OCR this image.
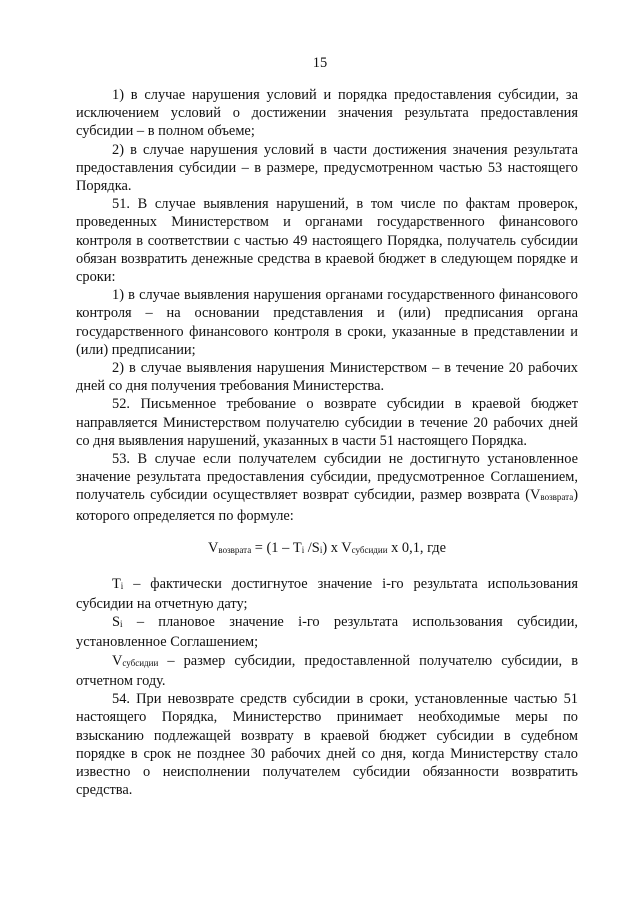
15

1) в случае нарушения условий и порядка предоставления субсидии, за исключением условий о достижении значения результата предоставления субсидии – в полном объеме;

2) в случае нарушения условий в части достижения значения результата предоставления субсидии – в размере, предусмотренном частью 53 настоящего Порядка.

51. В случае выявления нарушений, в том числе по фактам проверок, проведенных Министерством и органами государственного финансового контроля в соответствии с частью 49 настоящего Порядка, получатель субсидии обязан возвратить денежные средства в краевой бюджет в следующем порядке и сроки:

1) в случае выявления нарушения органами государственного финансового контроля – на основании представления и (или) предписания органа государственного финансового контроля в сроки, указанные в представлении и (или) предписании;

2) в случае выявления нарушения Министерством – в течение 20 рабочих дней со дня получения требования Министерства.

52. Письменное требование о возврате субсидии в краевой бюджет направляется Министерством получателю субсидии в течение 20 рабочих дней со дня выявления нарушений, указанных в части 51 настоящего Порядка.

53. В случае если получателем субсидии не достигнуто установленное значение результата предоставления субсидии, предусмотренное Соглашением, получатель субсидии осуществляет возврат субсидии, размер возврата (Vвозврата) которого определяется по формуле:

Vвозврата = (1 – Ti /Si) x Vсубсидии x 0,1, где

Ti – фактически достигнутое значение i-го результата использования субсидии на отчетную дату;

Si – плановое значение i-го результата использования субсидии, установленное Соглашением;

Vсубсидии – размер субсидии, предоставленной получателю субсидии, в отчетном году.

54. При невозврате средств субсидии в сроки, установленные частью 51 настоящего Порядка, Министерство принимает необходимые меры по взысканию подлежащей возврату в краевой бюджет субсидии в судебном порядке в срок не позднее 30 рабочих дней со дня, когда Министерству стало известно о неисполнении получателем субсидии обязанности возвратить средства.
